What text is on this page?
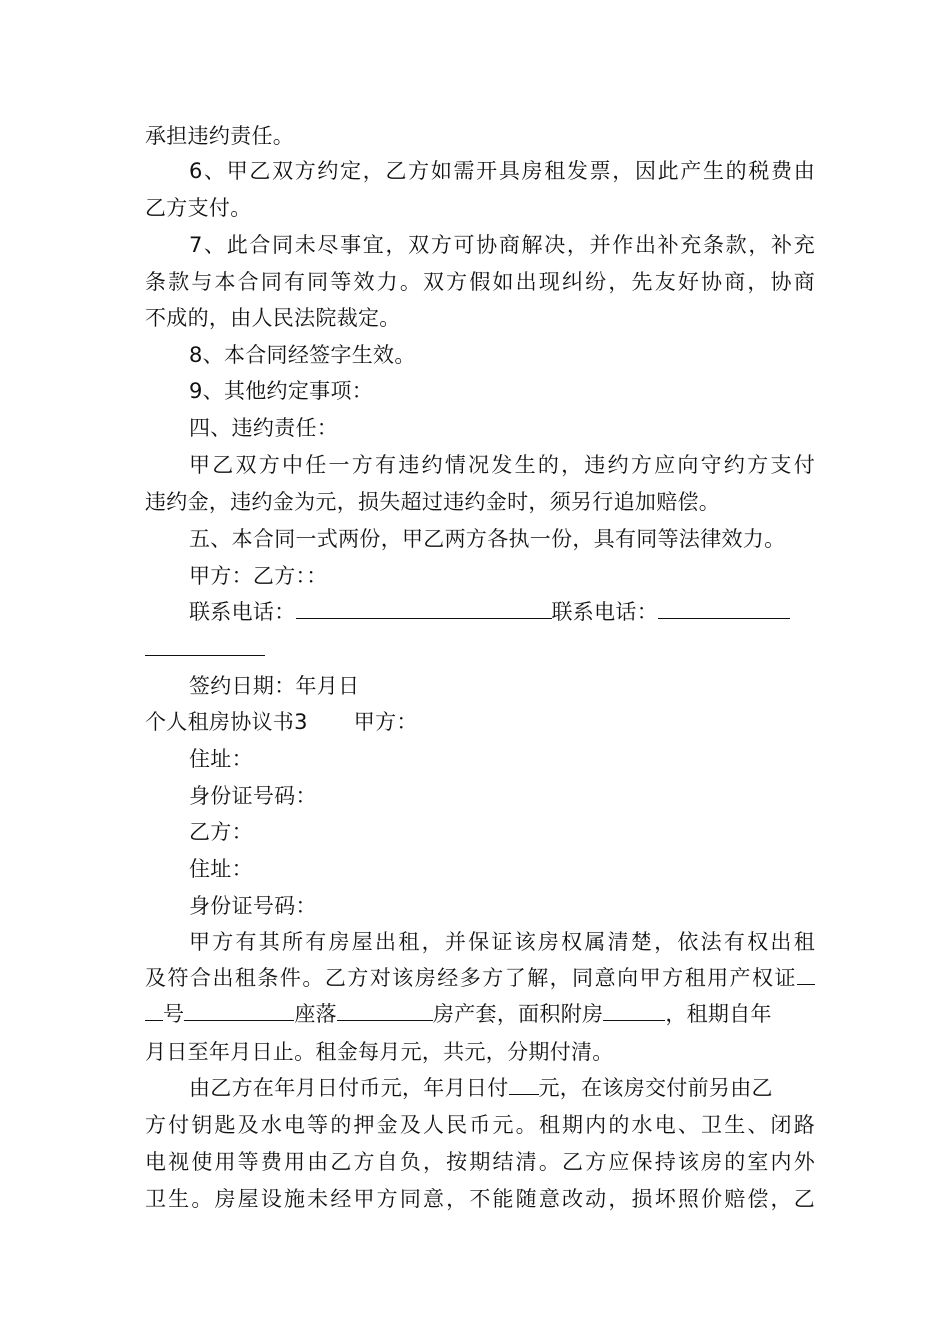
承担违约责任。
6、甲乙双方约定，乙方如需开具房租发票，因此产生的税费由
乙方支付。
7、此合同未尽事宜，双方可协商解决，并作出补充条款，补充
条款与本合同有同等效力。双方假如出现纠纷，先友好协商，协商
不成的，由人民法院裁定。
8、本合同经签字生效。
9、其他约定事项：
四、违约责任：
甲乙双方中任一方有违约情况发生的，违约方应向守约方支付
违约金，违约金为元，损失超过违约金时，须另行追加赔偿。
五、本合同一式两份，甲乙两方各执一份，具有同等法律效力。
甲方：乙方：：
联系电话：	联系电话：
签约日期：年月日
个人租房协议书3 甲方：
住址：
身份证号码：
乙方：
住址：
身份证号码：
甲方有其所有房屋出租，并保证该房权属清楚，依法有权出租
及符合出租条件。乙方对该房经多方了解，同意向甲方租用产权证
号	座落	房产套，面积附房	，租期自年
月日至年月日止。租金每月元，共元，分期付清。
由乙方在年月日付币元，年月日付 元，在该房交付前另由乙
方付钥匙及水电等的押金及人民币元。租期内的水电、卫生、闭路
电视使用等费用由乙方自负，按期结清。乙方应保持该房的室内外
卫生。房屋设施未经甲方同意，不能随意改动，损坏照价赔偿，乙
